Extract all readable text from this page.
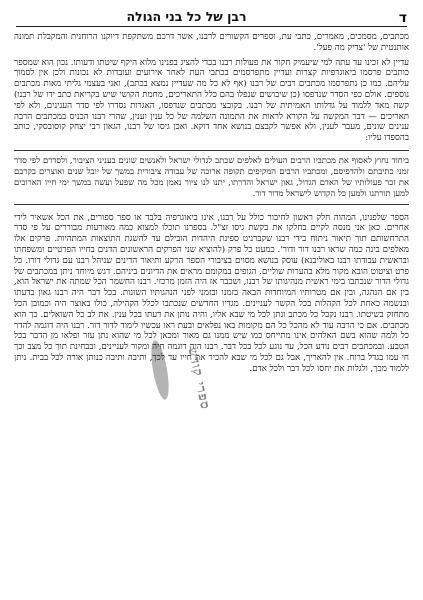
ד
רבן של כל בני הגולה

מכתבים, מסמכים, מאמרים, כתבי עת, וספרים הקשורים לרבנו, אשר דרכם משתקפת דיוקנו הרוחנית והמקבלת תמונה אותנטית של 'צדיק מה פעל'.

עדיין לא זכינו עד עתה למי שיעמיק חקור את פעולות רבנו בכדי להציג בפנינו מלוא היקף שיטתו ודעותו. נכון הוא שמספר כותבים פרסמו ביאוגרפיות קצרות ועדיין מתפרסמים בכתבי העת לאחר אירועים ועובדות לא נכונות ולכן אין לסמוך עליהם. כמו כן נתפרסמו מכתבים רבים של רבנו (אף לא כל מה שעדיין נמצא בכתב), ואני בעצמי גליתי מאות מכתבים נוספים. אולם כפי הסדר שנדפסו (כן שיבושים שנפלו בהם כלל התאריכים, מחמת הקושי שיש בקריאת כתב ידו של רבנו) קשה מאד ללמוד על גדלותו האמיתית של רבנו. בקובצי מכתבים שנדפסו, האגרות נסדרו לפי סדר הענינים, ולא לפי תאריכים — דבר המקשה על הקורא לראות את התמונה השלמה של כל ענין וענין, שהרי רבנו הכניס במכתבים הרבה ענינים שונים, מעבר לענין, ולא אפשר לקבצם בנושא אחד דוקא. ואכן גיסו של רבנו, הגאון רבי יצחק קוסובסקי, כותב בהספדו עליו:

ביחוד נחוץ לאסוף את מכתביו הרבים העולים לאלפים שכתב לגדולי ישראל ולאנשים שונים בעניני הציבור, ולסדרם לפי סדר זמני כתיבתם ולהדפיסם, ומכתביו הרבים המקיפים תקופה ארוכה של עבודה ציבורית במשך של יובל שנים ואוצרים בקרבם את זכר פעולותיו של האדם הגדול, גאון ישראל והדרתו, יתנו לנו ציור נאמן מכל מה שפעל ועשה במשך ימי חייו הארוכים למען תורתנו ולמען כל הקדוש לישראל מדור דור.

הספר שלפנינו, המהוה חלק ראשון לחיבור כולל על רבנו, אינו ביאוגרפיה בלבד או ספר ספורים, את הכל אשאיר לידי אחרים. כאן אני מנסה לקיים בחלקו את בקשת גיסו זצ"ל. בספרנו תוכלו למצוא כמה מאורעות מבוררים על פי סדר התרחשותם תוך תיאור ניתוח בידי רבנו שקברניט ספינת היהדות הובילם עד להשגת התוצאות המתהיות. פרקים אלו מאלפים בינה כמה שראו רבנו דור ודור'. כמעט כל פרק (להוציא שני הפרקים הראשונים הדנים בחייו הפרטיים ומשפחתו ובראשית עבודתו רבנו באוליבנא) עוסק בנושא מסוים בציבורי הספר הרקע ותיאור הדינים שניהל רבנו עם גדולי דורו. כל פרט וציטוט הובא מקור מלא בהערות שוליים. הגופים במקומם מראים את הדיונים ביניהם. דגש מיוחד ניתן במכתבים של גדולי הדור שנכתבו בימי ראשית מנהיגותו של רבנו, ושכבר אז היה הזמן מרכזי. רבנו החשמר הכל שמתה את ישראל הוא, בין אם הנהגה, ובין אם מטרותיו המיוחדות הבאה בזמנו ובזמני לפני הנהגותיו השונות. בכל דבר היה רבנו גאון בדעתו ובנשמה כאחת לכל הקהלות בכל הקשר לעניינים. מגדיו החדשים שנכתבו לכלל הקהילה, כולו באוצר היה וכמובן הכל מתחזק בשיטתו. רבנו נקבל כל מכתב ונתן לכל מי שבא אליו, והיה נותן את דעתו בכל ענין. את לב כל השואלים. כך הוא מכתבים. אם כי הרבה עוד לא מהכל כל הם מקומות באו נפלאים ובעת ראו עכשיו לימוד לדור דור. רבנו היה דוגמה להדר כל ולמה שהוא בשם האלהים אינו מתייחס כמו שיש ממנו גם מאור ומכאן לכל מי שהוא נתן עזר ופלאו מן הדבר בכל הטבע. ובמכתבים רבים נודע הכל, עד נוגע לכל בכל דבר. רבנו היה דוגמה חיה ומקור לעניינים, ובבחינת תוך כל מצב וכך חי עמו בגדל ברוח. אין להאריך, אבל גם לכל מי שבא להכיר את חייו עד לכך, ותיבה ותיבה כנותן אורה לכל בבית. ניתן ללמוד מכך, ולגלות את יחסו לכל דבר ולכל אדם.

ספרי קודש
